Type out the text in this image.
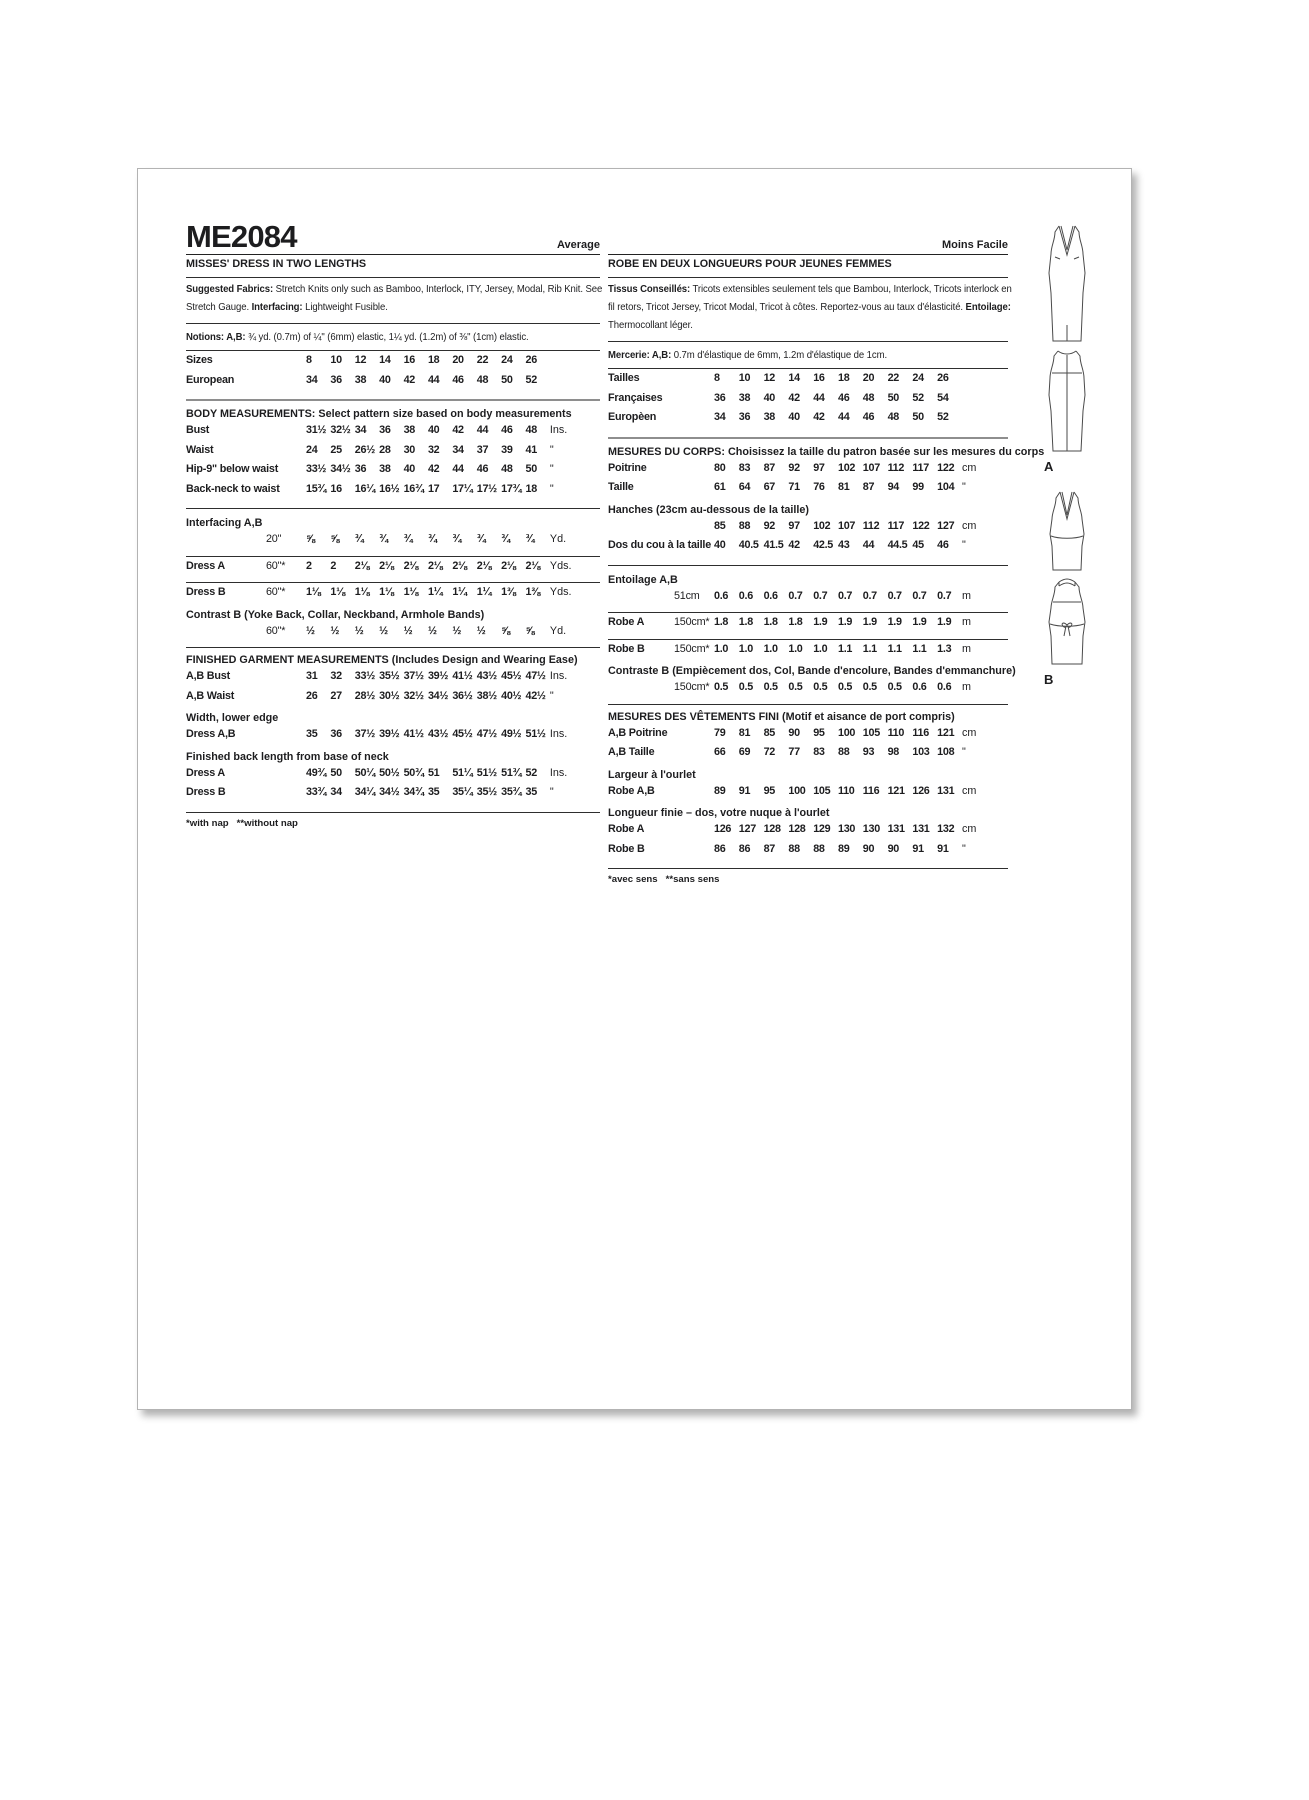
ME2084	Average
MISSES' DRESS IN TWO LENGTHS
Suggested Fabrics: Stretch Knits only such as Bamboo, Interlock, ITY, Jersey, Modal, Rib Knit. See
Stretch Gauge. Interfacing: Lightweight Fusible.
Notions: A,B: ¾ yd. (0.7m) of ¼" (6mm) elastic, 1¼ yd. (1.2m) of ⅜" (1cm) elastic.
Sizes	8	10	12	14	16	18	20	22	24	26
European	34	36	38	40	42	44	46	48	50	52
BODY MEASUREMENTS: Select pattern size based on body measurements
Bust	31½ 32½ 34	36	38	40	42	44	46	48	Ins.
Waist	24	25	26½ 28	30	32	34	37	39	41	"
Hip-9" below waist	33½ 34½ 36	38	40	42	44	46	48	50	"
Back-neck to waist 15¾ 16	16¼ 16½ 16¾ 17	17¼ 17½ 17¾ 18	"
Interfacing A,B
20"	⅝	⅝	¾	¾	¾	¾	¾	¾	¾	¾	Yd.
Dress A	60"*	2	2	2⅛ 2⅛ 2⅛ 2⅛ 2⅛ 2⅛ 2⅛ 2⅛ Yds.
Dress B	60"*	1⅛ 1⅛ 1⅛ 1⅛ 1⅛ 1¼ 1¼ 1¼ 1⅜ 1⅜ Yds.
Contrast B (Yoke Back, Collar, Neckband, Armhole Bands)
60"*	½	½	½	½	½	½	½	½	⅝	⅝	Yd.
FINISHED GARMENT MEASUREMENTS (Includes Design and Wearing Ease)
A,B Bust	31	32	33½ 35½ 37½ 39½ 41½ 43½ 45½ 47½ Ins.
A,B Waist	26	27	28½ 30½ 32½ 34½ 36½ 38½ 40½ 42½ "
Width, lower edge
Dress A,B	35	36	37½ 39½ 41½ 43½ 45½ 47½ 49½ 51½ Ins.
Finished back length from base of neck
Dress A	49¾ 50	50¼ 50½ 50¾ 51	51¼ 51½ 51¾ 52	Ins.
Dress B	33¾ 34	34¼ 34½ 34¾ 35	35¼ 35½ 35¾ 35	"
*with nap   **without nap
Moins Facile
ROBE EN DEUX LONGUEURS POUR JEUNES FEMMES
Tissus Conseillés: Tricots extensibles seulement tels que Bambou, Interlock, Tricots interlock en
fil retors, Tricot Jersey, Tricot Modal, Tricot à côtes. Reportez-vous au taux d'élasticité. Entoilage:
Thermocollant léger.
Mercerie: A,B: 0.7m d'élastique de 6mm, 1.2m d'élastique de 1cm.
Tailles	8	10	12	14	16	18	20	22	24	26
Françaises	36	38	40	42	44	46	48	50	52	54
Europèen	34	36	38	40	42	44	46	48	50	52
MESURES DU CORPS: Choisissez la taille du patron basée sur les mesures du corps
Poitrine	80	83	87	92	97	102 107 112 117 122 cm
Taille	61	64	67	71	76	81	87	94	99	104 "
Hanches (23cm au-dessous de la taille)
85	88	92	97	102 107 112 117 122 127 cm
Dos du cou à la taille 40	40.5 41.5 42	42.5 43	44	44.5 45	46	"
Entoilage A,B
51cm	0.6 0.6 0.6 0.7 0.7 0.7 0.7 0.7 0.7 0.7 m
Robe A	150cm* 1.8 1.8 1.8 1.8 1.9 1.9 1.9 1.9 1.9 1.9 m
Robe B	150cm* 1.0 1.0 1.0 1.0 1.0 1.1 1.1 1.1 1.1 1.3 m
Contraste B (Empiècement dos, Col, Bande d'encolure, Bandes d'emmanchure)
150cm* 0.5 0.5 0.5 0.5 0.5 0.5 0.5 0.5 0.6 0.6 m
MESURES DES VÊTEMENTS FINI (Motif et aisance de port compris)
A,B Poitrine	79	81	85	90	95	100 105 110 116 121 cm
A,B Taille	66	69	72	77	83	88	93	98	103 108 "
Largeur à l'ourlet
Robe A,B	89	91	95	100 105 110 116 121 126 131 cm
Longueur finie – dos, votre nuque à l'ourlet
Robe A	126 127 128 128 129 130 130 131 131 132 cm
Robe B	86	86	87	88	88	89	90	90	91	91	"
*avec sens   **sans sens
A
B
